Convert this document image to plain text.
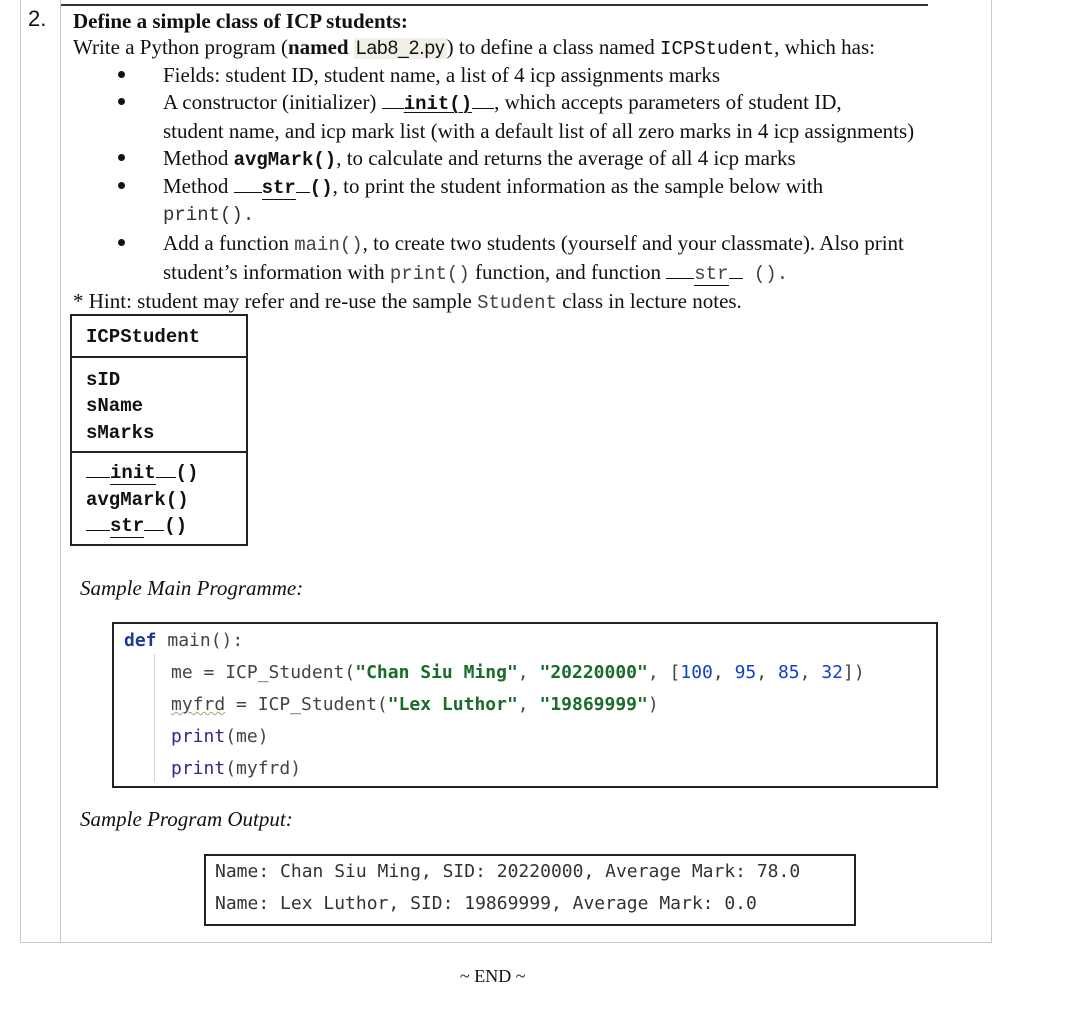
2. Define a simple class of ICP students:
Write a Python program (named Lab8_2.py) to define a class named ICPStudent, which has:
Fields: student ID, student name, a list of 4 icp assignments marks
A constructor (initializer) init() , which accepts parameters of student ID,
student name, and icp mark list (with a default list of all zero marks in 4 icp assignments)
Method avgMark(), to calculate and returns the average of all 4 icp marks
Method str (), to print the student information as the sample below with
print().
Add a function main(), to create two students (yourself and your classmate). Also print
student’s information with print() function, and function str ().
* Hint: student may refer and re-use the sample Student class in lecture notes.
ICPStudent
sID
sName
sMarks
init ()
avgMark()
str ()
Sample Main Programme:
def main():
me = ICP_Student("Chan Siu Ming", "20220000", [100, 95, 85, 32])
myfrd = ICP_Student("Lex Luthor", "19869999")
print(me)
print(myfrd)
Sample Program Output:
Name: Chan Siu Ming, SID: 20220000, Average Mark: 78.0
Name: Lex Luthor, SID: 19869999, Average Mark: 0.0
~ END ~
